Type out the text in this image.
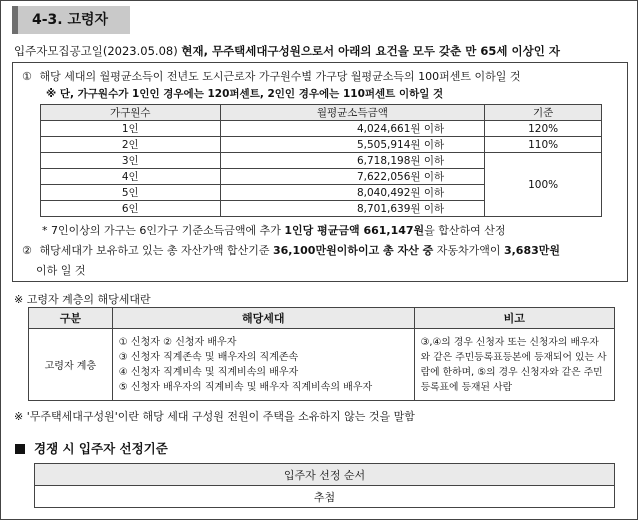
4-3. 고령자
입주자모집공고일(2023.05.08) 현재, 무주택세대구성원으로서 아래의 요건을 모두 갖춘 만 65세 이상인 자
① 해당 세대의 월평균소득이 전년도 도시근로자 가구원수별 가구당 월평균소득의 100퍼센트 이하일 것
※ 단, 가구원수가 1인인 경우에는 120퍼센트, 2인인 경우에는 110퍼센트 이하일 것
가구원수	월평균소득금액	기준
1인	4,024,661원 이하	120%
2인	5,505,914원 이하	110%
3인	6,718,198원 이하	100%
4인	7,622,056원 이하	
5인	8,040,492원 이하	
6인	8,701,639원 이하	
* 7인이상의 가구는 6인가구 기준소득금액에 추가 1인당 평균금액 661,147원을 합산하여 산정
② 해당세대가 보유하고 있는 총 자산가액 합산기준 36,100만원이하이고 총 자산 중 자동차가액이 3,683만원
이하 일 것
※ 고령자 계층의 해당세대란
구분	해당세대	비고
고령자 계층	① 신청자 ② 신청자 배우자
③ 신청자 직계존속 및 배우자의 직계존속
④ 신청자 직계비속 및 직계비속의 배우자
⑤ 신청자 배우자의 직계비속 및 배우자 직계비속의 배우자	③,④의 경우 신청자 또는 신청자의 배우자와 같은 주민등록표등본에 등재되어 있는 사람에 한하며, ⑤의 경우 신청자와 같은 주민등록표에 등재된 사람
※ '무주택세대구성원'이란 해당 세대 구성원 전원이 주택을 소유하지 않는 것을 말함
경쟁 시 입주자 선정기준
입주자 선정 순서
추첨
